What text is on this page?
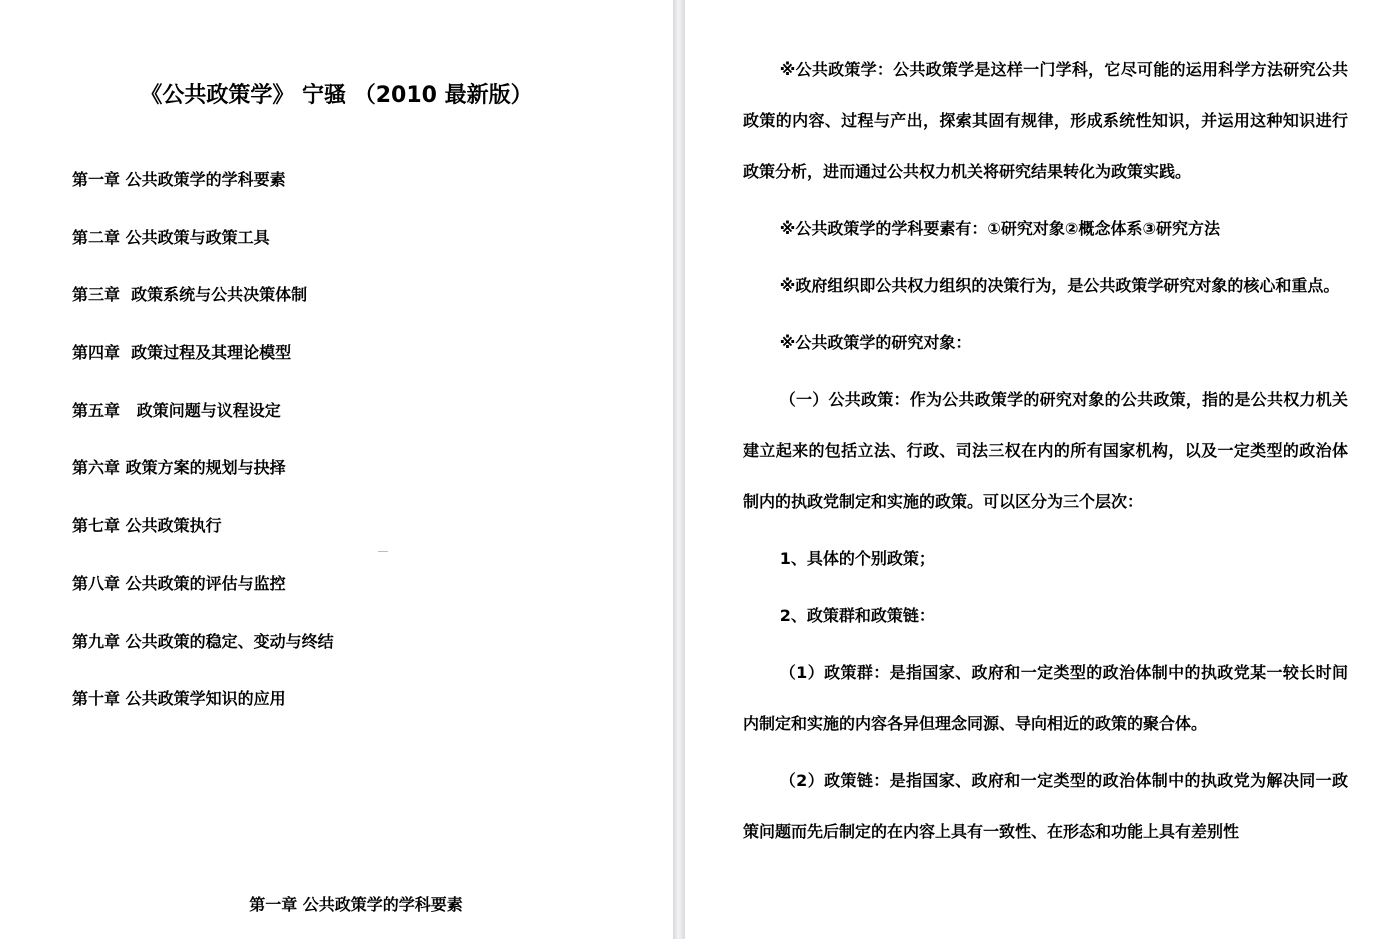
《公共政策学》 宁骚 （2010 最新版）
第一章 公共政策学的学科要素
第二章 公共政策与政策工具
第三章  政策系统与公共决策体制
第四章  政策过程及其理论模型
第五章   政策问题与议程设定
第六章 政策方案的规划与抉择
第七章 公共政策执行
第八章 公共政策的评估与监控
第九章 公共政策的稳定、变动与终结
第十章 公共政策学知识的应用
第一章 公共政策学的学科要素

※公共政策学：公共政策学是这样一门学科，它尽可能的运用科学方法研究公共政策的内容、过程与产出，探索其固有规律，形成系统性知识，并运用这种知识进行政策分析，进而通过公共权力机关将研究结果转化为政策实践。

※公共政策学的学科要素有：①研究对象②概念体系③研究方法

※政府组织即公共权力组织的决策行为，是公共政策学研究对象的核心和重点。

※公共政策学的研究对象：

（一）公共政策：作为公共政策学的研究对象的公共政策，指的是公共权力机关建立起来的包括立法、行政、司法三权在内的所有国家机构，以及一定类型的政治体制内的执政党制定和实施的政策。可以区分为三个层次：

1、具体的个别政策；

2、政策群和政策链：

（1）政策群：是指国家、政府和一定类型的政治体制中的执政党某一较长时间内制定和实施的内容各异但理念同源、导向相近的政策的聚合体。

（2）政策链：是指国家、政府和一定类型的政治体制中的执政党为解决同一政策问题而先后制定的在内容上具有一致性、在形态和功能上具有差别性
